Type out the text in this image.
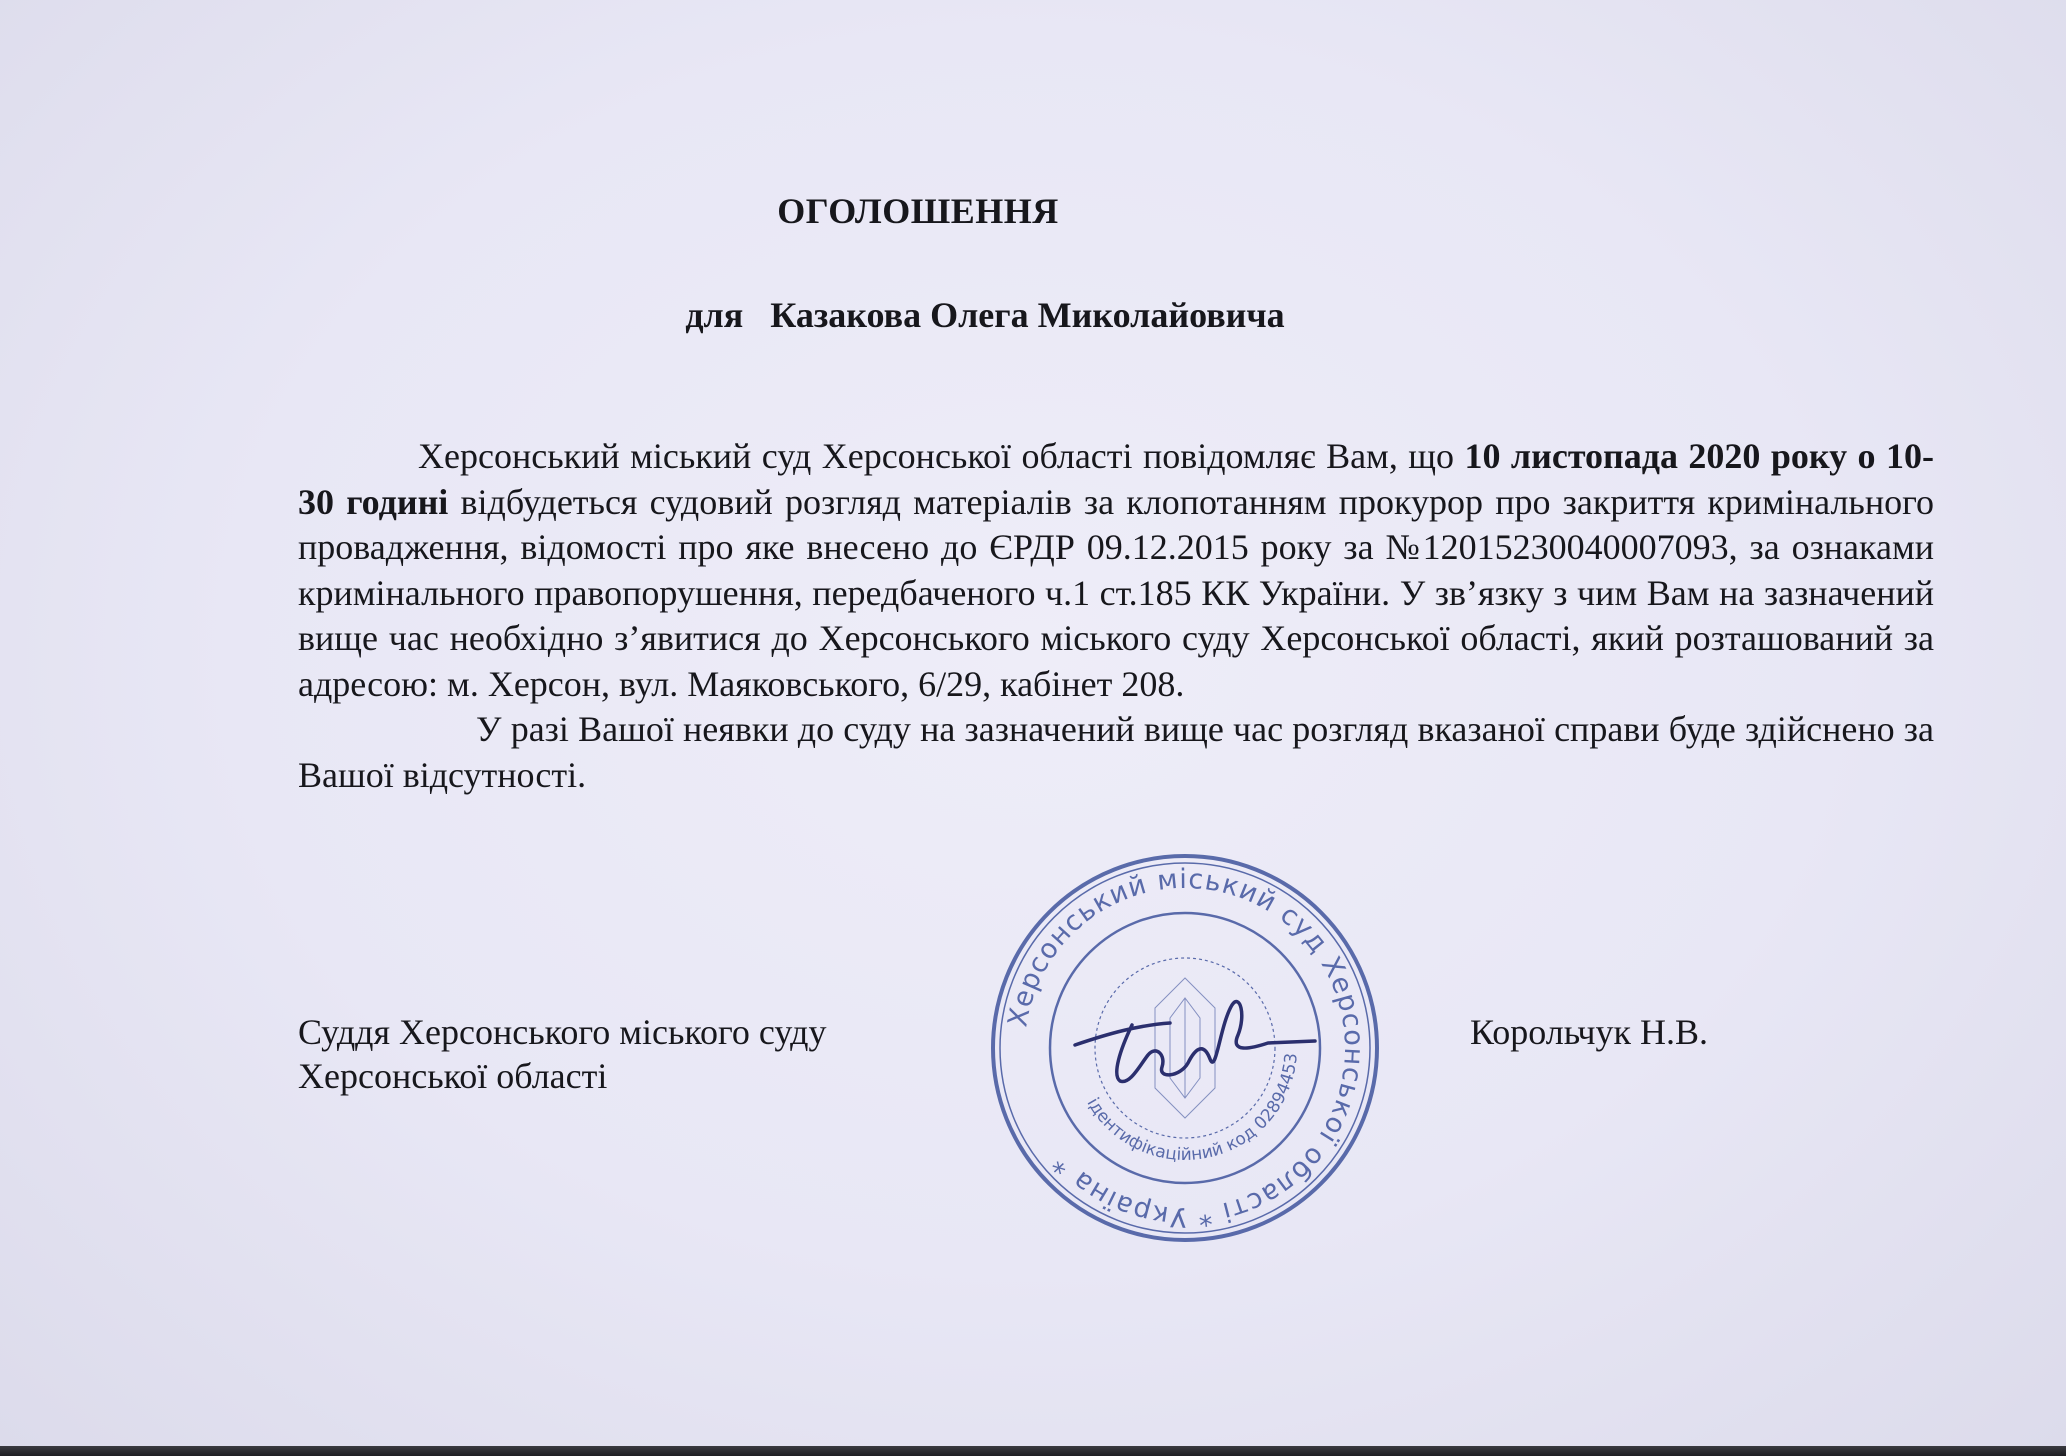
ОГОЛОШЕННЯ
для   Казакова Олега Миколайовича

Херсонський міський суд Херсонської області повідомляє Вам, що 10 листопада 2020 року о 10-30 годині відбудеться судовий розгляд матеріалів за клопотанням прокурор про закриття кримінального провадження, відомості про яке внесено до ЄРДР 09.12.2015 року за №12015230040007093, за ознаками кримінального правопорушення, передбаченого ч.1 ст.185 КК України. У зв’язку з чим Вам на зазначений вище час необхідно з’явитися до Херсонського міського суду Херсонської області, який розташований за адресою: м. Херсон, вул. Маяковського, 6/29, кабінет 208.

У разі Вашої неявки до суду на зазначений вище час розгляд вказаної справи буде здійснено за Вашої відсутності.

Суддя Херсонського міського суду
Херсонської області
Корольчук Н.В.
Херсонський міський суд Херсонської області * Україна *
ідентифікаційний код 02894453
